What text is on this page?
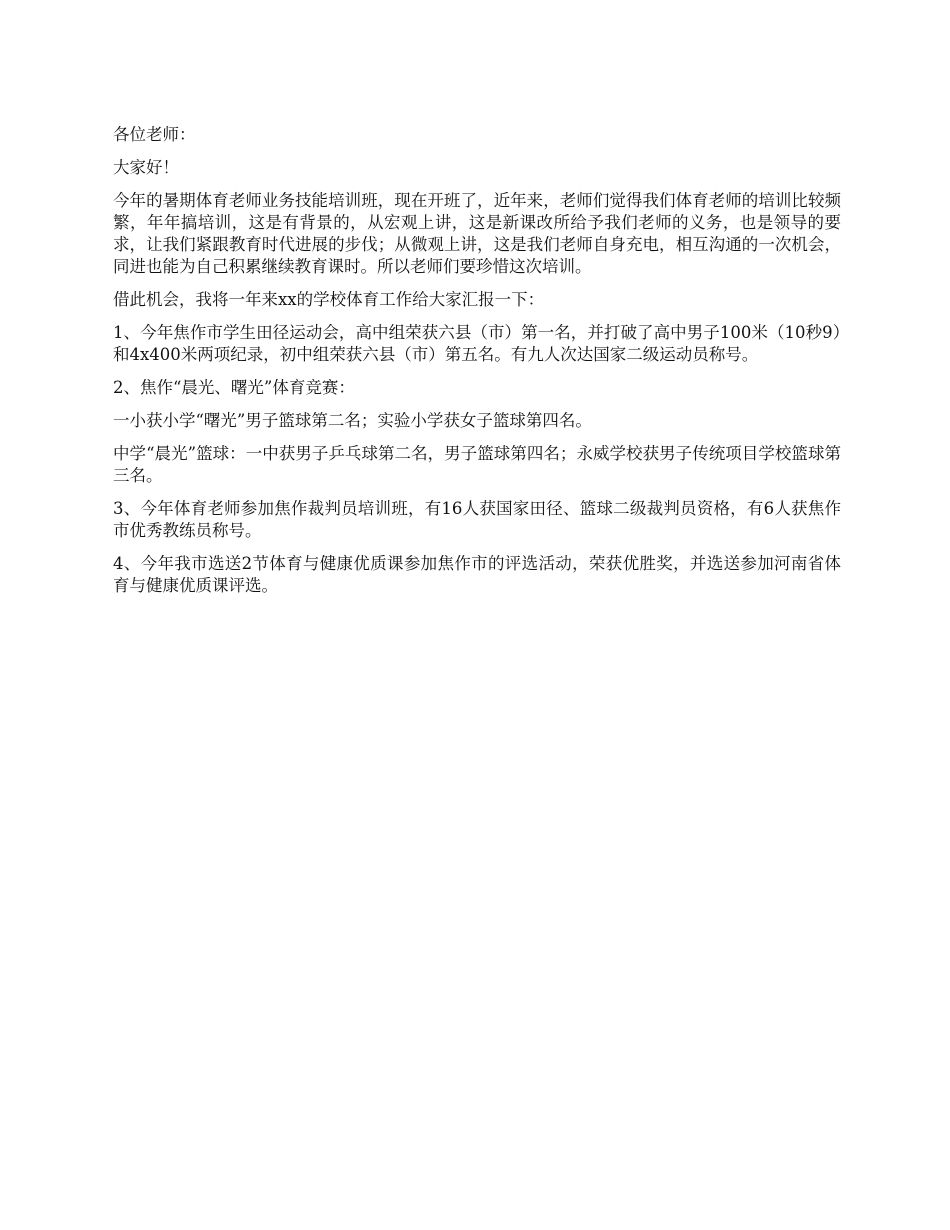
各位老师：

大家好！

今年的暑期体育老师业务技能培训班，现在开班了，近年来，老师们觉得我们体育老师的培训比较频繁，年年搞培训，这是有背景的，从宏观上讲，这是新课改所给予我们老师的义务，也是领导的要求，让我们紧跟教育时代进展的步伐；从微观上讲，这是我们老师自身充电，相互沟通的一次机会，同进也能为自己积累继续教育课时。所以老师们要珍惜这次培训。

借此机会，我将一年来xx的学校体育工作给大家汇报一下：

1、今年焦作市学生田径运动会，高中组荣获六县（市）第一名，并打破了高中男子100米（10秒9）和4x400米两项纪录，初中组荣获六县（市）第五名。有九人次达国家二级运动员称号。

2、焦作“晨光、曙光”体育竞赛：

一小获小学“曙光”男子篮球第二名；实验小学获女子篮球第四名。

中学“晨光”篮球：一中获男子乒乓球第二名，男子篮球第四名；永威学校获男子传统项目学校篮球第三名。

3、今年体育老师参加焦作裁判员培训班，有16人获国家田径、篮球二级裁判员资格，有6人获焦作市优秀教练员称号。

4、今年我市选送2节体育与健康优质课参加焦作市的评选活动，荣获优胜奖，并选送参加河南省体育与健康优质课评选。
